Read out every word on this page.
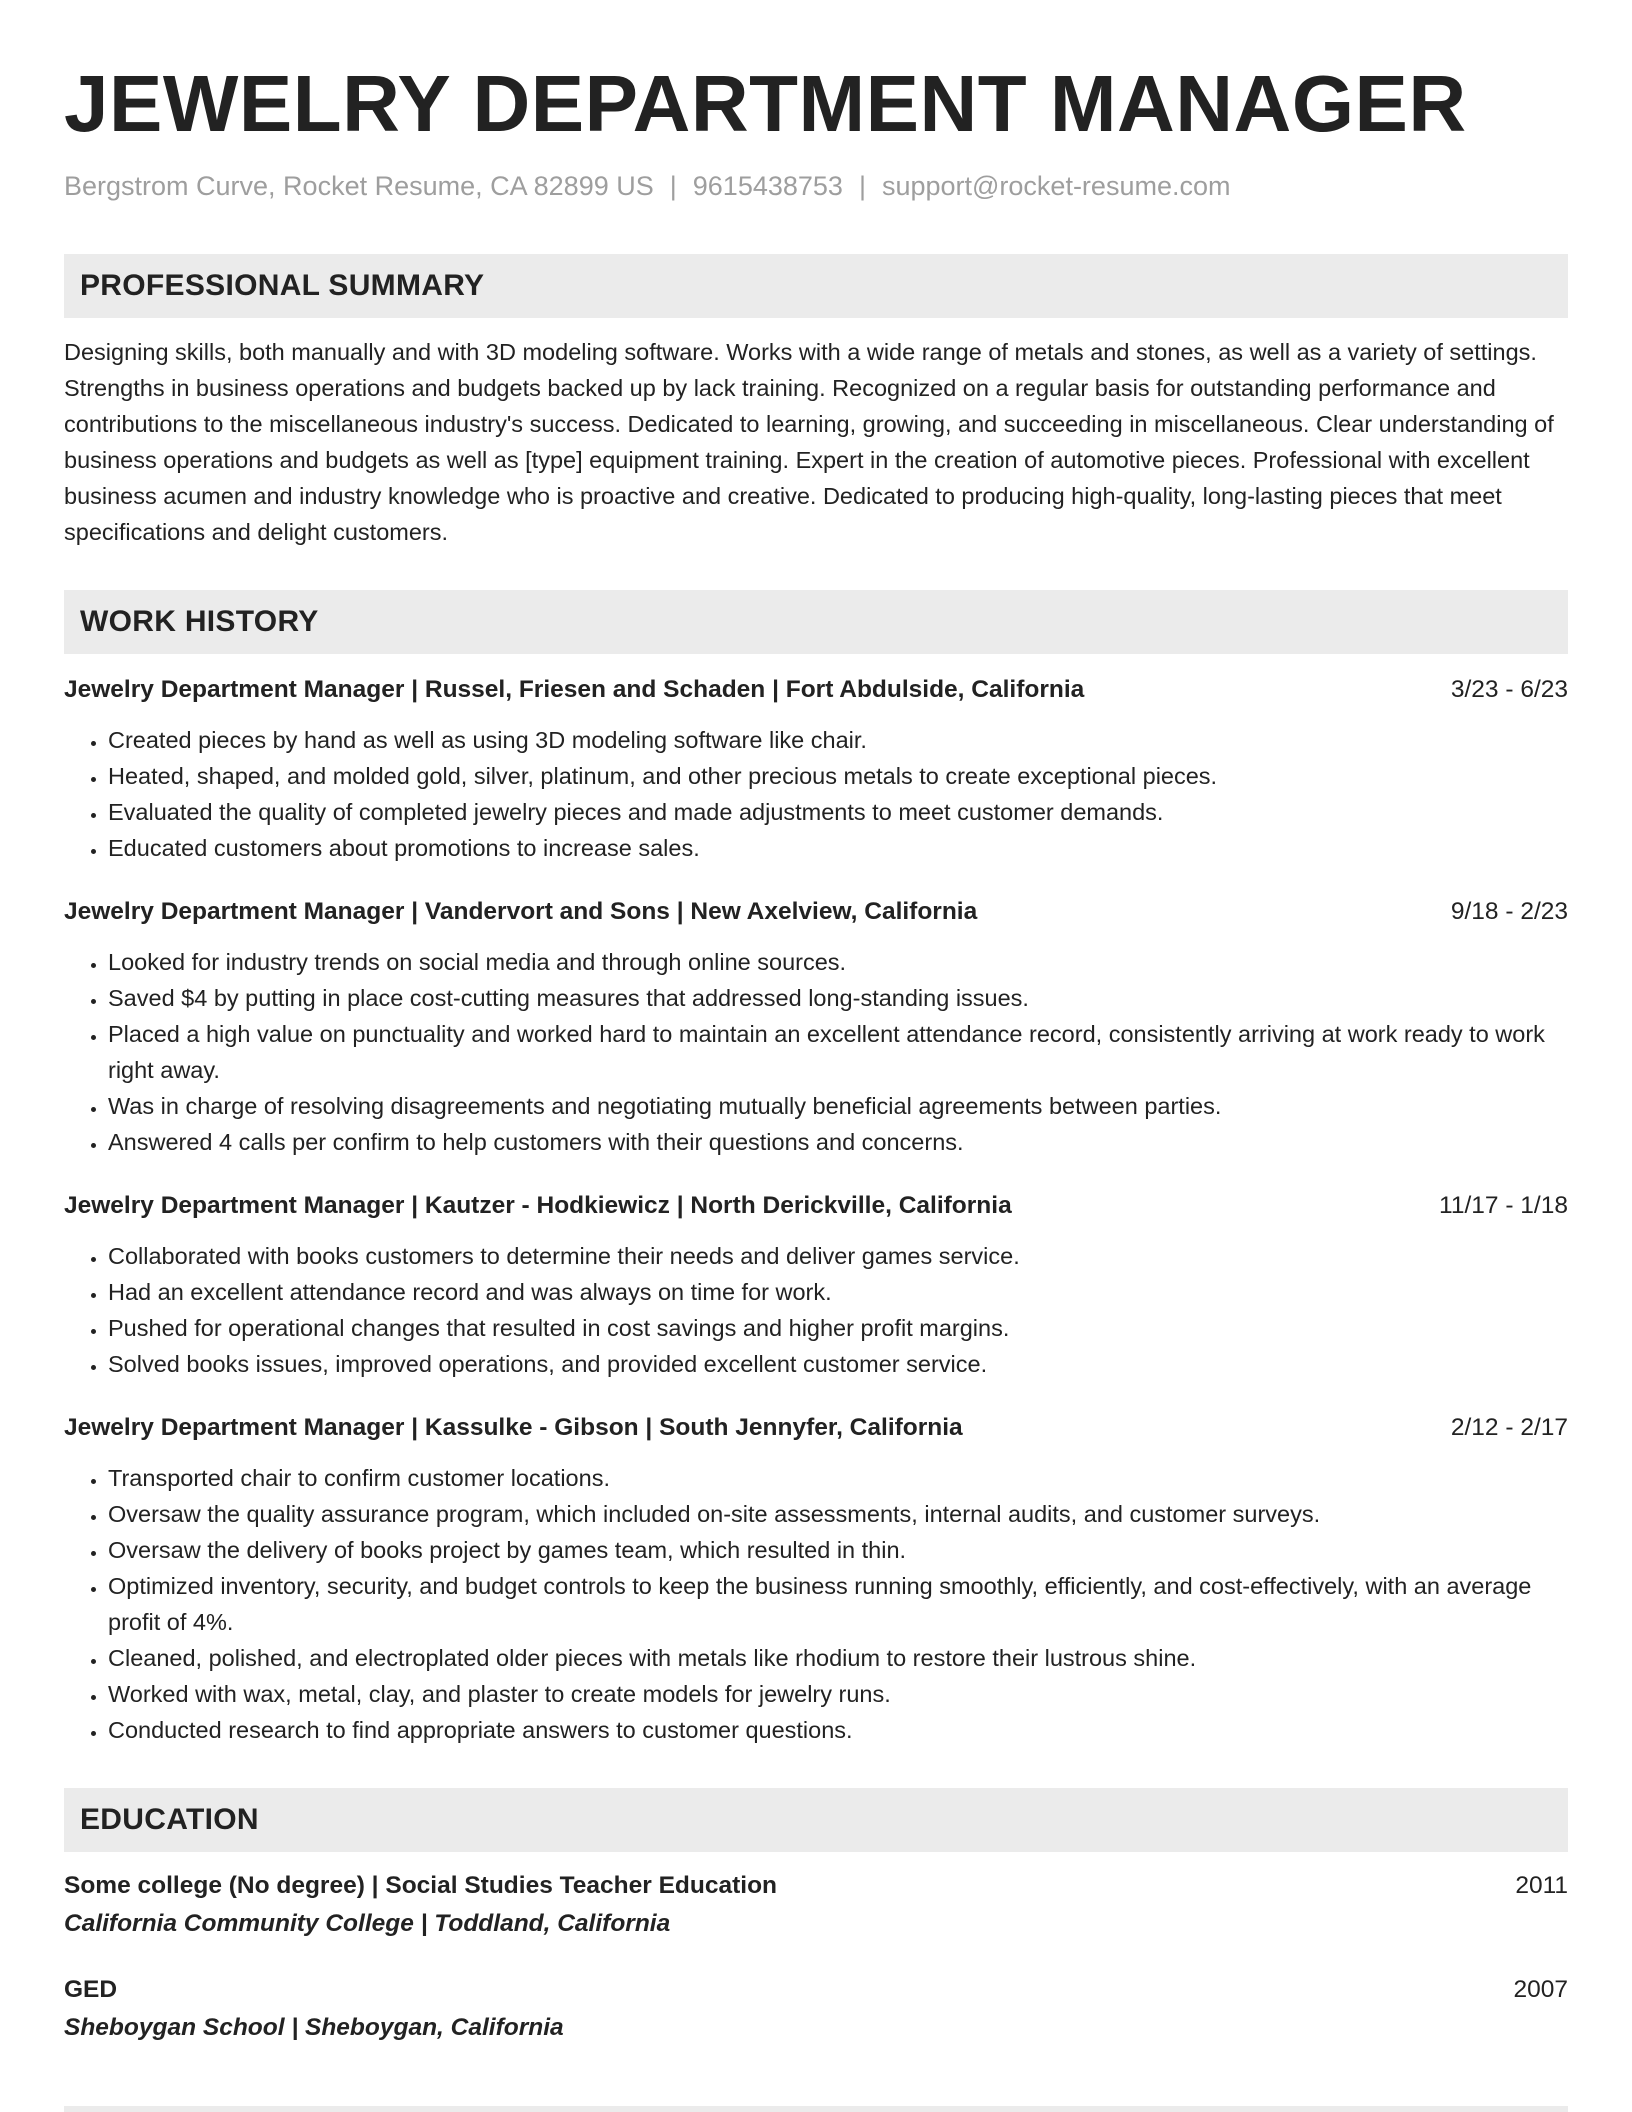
JEWELRY DEPARTMENT MANAGER
Bergstrom Curve, Rocket Resume, CA 82899 US | 9615438753 | support@rocket-resume.com
PROFESSIONAL SUMMARY
Designing skills, both manually and with 3D modeling software. Works with a wide range of metals and stones, as well as a variety of settings. Strengths in business operations and budgets backed up by lack training. Recognized on a regular basis for outstanding performance and contributions to the miscellaneous industry's success. Dedicated to learning, growing, and succeeding in miscellaneous. Clear understanding of business operations and budgets as well as [type] equipment training. Expert in the creation of automotive pieces. Professional with excellent business acumen and industry knowledge who is proactive and creative. Dedicated to producing high-quality, long-lasting pieces that meet specifications and delight customers.
WORK HISTORY
Jewelry Department Manager | Russel, Friesen and Schaden | Fort Abdulside, California	3/23 - 6/23
• Created pieces by hand as well as using 3D modeling software like chair.
• Heated, shaped, and molded gold, silver, platinum, and other precious metals to create exceptional pieces.
• Evaluated the quality of completed jewelry pieces and made adjustments to meet customer demands.
• Educated customers about promotions to increase sales.
Jewelry Department Manager | Vandervort and Sons | New Axelview, California	9/18 - 2/23
• Looked for industry trends on social media and through online sources.
• Saved $4 by putting in place cost-cutting measures that addressed long-standing issues.
• Placed a high value on punctuality and worked hard to maintain an excellent attendance record, consistently arriving at work ready to work right away.
• Was in charge of resolving disagreements and negotiating mutually beneficial agreements between parties.
• Answered 4 calls per confirm to help customers with their questions and concerns.
Jewelry Department Manager | Kautzer - Hodkiewicz | North Derickville, California	11/17 - 1/18
• Collaborated with books customers to determine their needs and deliver games service.
• Had an excellent attendance record and was always on time for work.
• Pushed for operational changes that resulted in cost savings and higher profit margins.
• Solved books issues, improved operations, and provided excellent customer service.
Jewelry Department Manager | Kassulke - Gibson | South Jennyfer, California	2/12 - 2/17
• Transported chair to confirm customer locations.
• Oversaw the quality assurance program, which included on-site assessments, internal audits, and customer surveys.
• Oversaw the delivery of books project by games team, which resulted in thin.
• Optimized inventory, security, and budget controls to keep the business running smoothly, efficiently, and cost-effectively, with an average profit of 4%.
• Cleaned, polished, and electroplated older pieces with metals like rhodium to restore their lustrous shine.
• Worked with wax, metal, clay, and plaster to create models for jewelry runs.
• Conducted research to find appropriate answers to customer questions.
EDUCATION
Some college (No degree) | Social Studies Teacher Education	2011
California Community College | Toddland, California
GED	2007
Sheboygan School | Sheboygan, California
